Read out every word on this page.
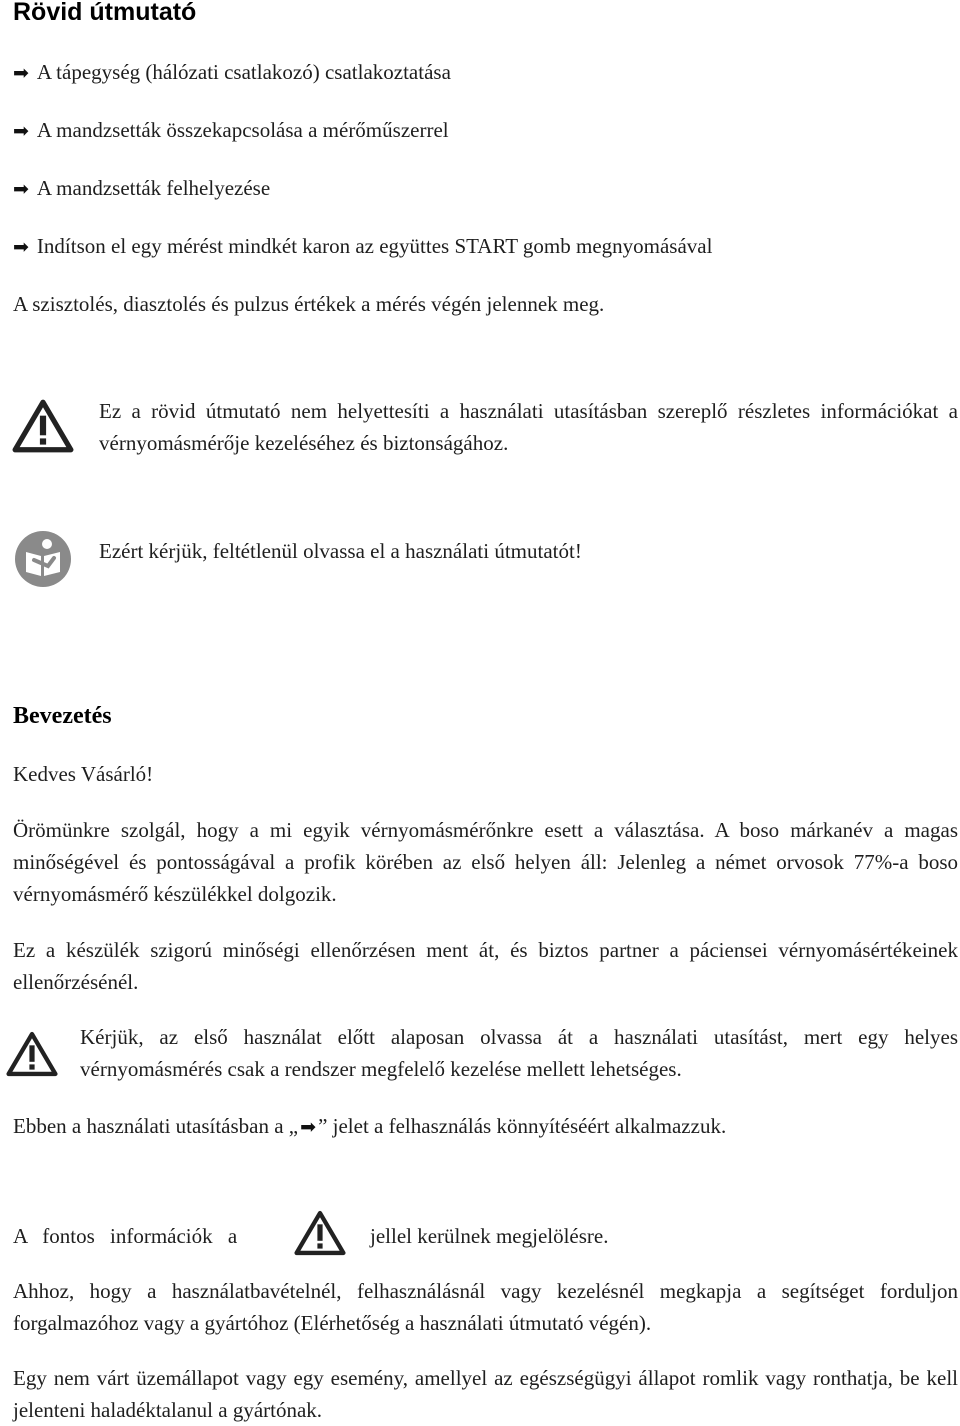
Rövid útmutató
➡ A tápegység (hálózati csatlakozó) csatlakoztatása
➡ A mandzsetták összekapcsolása a mérőműszerrel
➡ A mandzsetták felhelyezése
➡ Indítson el egy mérést mindkét karon az együttes START gomb megnyomásával
A szisztolés, diasztolés és pulzus értékek a mérés végén jelennek meg.
Ez a rövid útmutató nem helyettesíti a használati utasításban szereplő részletes információkat a vérnyomásmérője kezeléséhez és biztonságához.
Ezért kérjük, feltétlenül olvassa el a használati útmutatót!
Bevezetés
Kedves Vásárló!
Örömünkre szolgál, hogy a mi egyik vérnyomásmérőnkre esett a választása. A boso márkanév a magas minőségével és pontosságával a profik körében az első helyen áll: Jelenleg a német orvosok 77%-a boso vérnyomásmérő készülékkel dolgozik.
Ez a készülék szigorú minőségi ellenőrzésen ment át, és biztos partner a páciensei vérnyomásértékeinek ellenőrzésénél.
Kérjük, az első használat előtt alaposan olvassa át a használati utasítást, mert egy helyes vérnyomásmérés csak a rendszer megfelelő kezelése mellett lehetséges.
Ebben a használati utasításban a „ ➡” jelet a felhasználás könnyítéséért alkalmazzuk.
A fontos információk a	jellel kerülnek megjelölésre.
Ahhoz, hogy a használatbavételnél, felhasználásnál vagy kezelésnél megkapja a segítséget forduljon forgalmazóhoz vagy a gyártóhoz (Elérhetőség a használati útmutató végén).
Egy nem várt üzemállapot vagy egy esemény, amellyel az egészségügyi állapot romlik vagy ronthatja, be kell jelenteni haladéktalanul a gyártónak.
